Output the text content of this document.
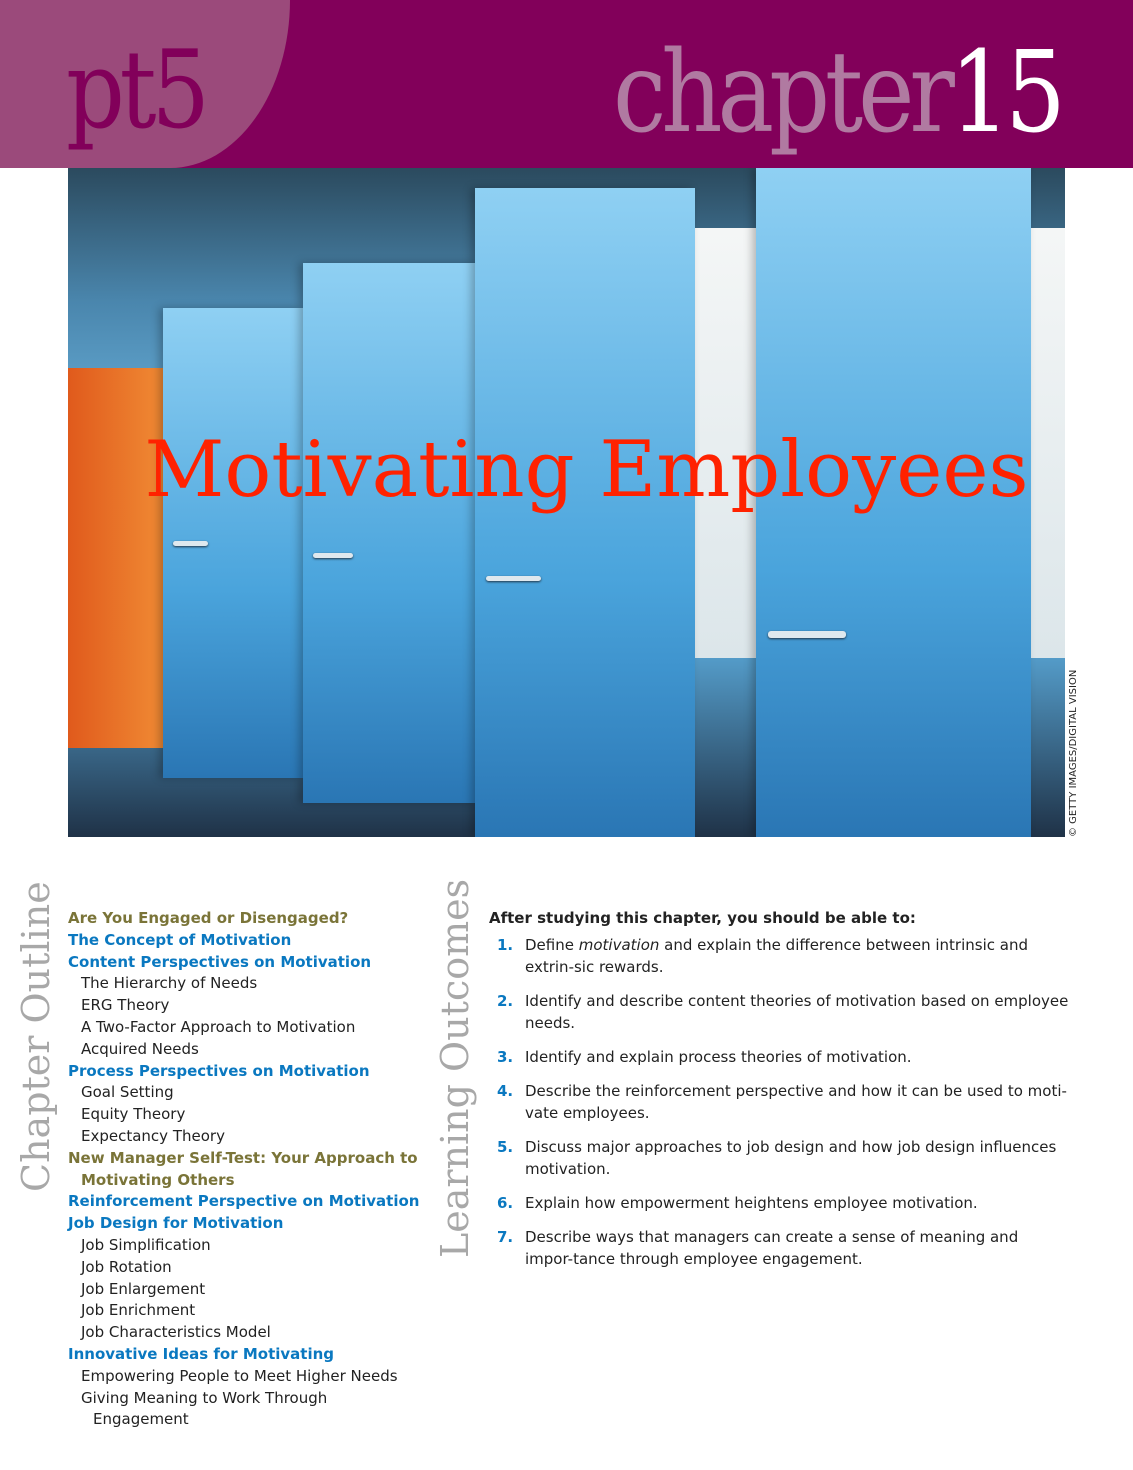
pt5	chapter15
Motivating Employees
© GETTY IMAGES/DIGITAL VISION
Chapter Outline Are You Engaged or Disengaged?
The Concept of Motivation
Content Perspectives on Motivation
The Hierarchy of Needs
ERG Theory
A Two-Factor Approach to Motivation
Acquired Needs
Process Perspectives on Motivation
Goal Setting
Equity Theory
Expectancy Theory
New Manager Self-Test: Your Approach to
Motivating Others
Reinforcement Perspective on Motivation
Job Design for Motivation
Job Simplification
Job Rotation
Job Enlargement
Job Enrichment
Job Characteristics Model
Innovative Ideas for Motivating
Empowering People to Meet Higher Needs
Giving Meaning to Work Through
Engagement
Learning Outcomes After studying this chapter, you should be able to:
1. Define motivation and explain the difference between intrinsic and extrin-sic rewards.
2. Identify and describe content theories of motivation based on employee needs.
3. Identify and explain process theories of motivation.
4. Describe the reinforcement perspective and how it can be used to moti-vate employees.
5. Discuss major approaches to job design and how job design influences motivation.
6. Explain how empowerment heightens employee motivation.
7. Describe ways that managers can create a sense of meaning and impor-tance through employee engagement.
